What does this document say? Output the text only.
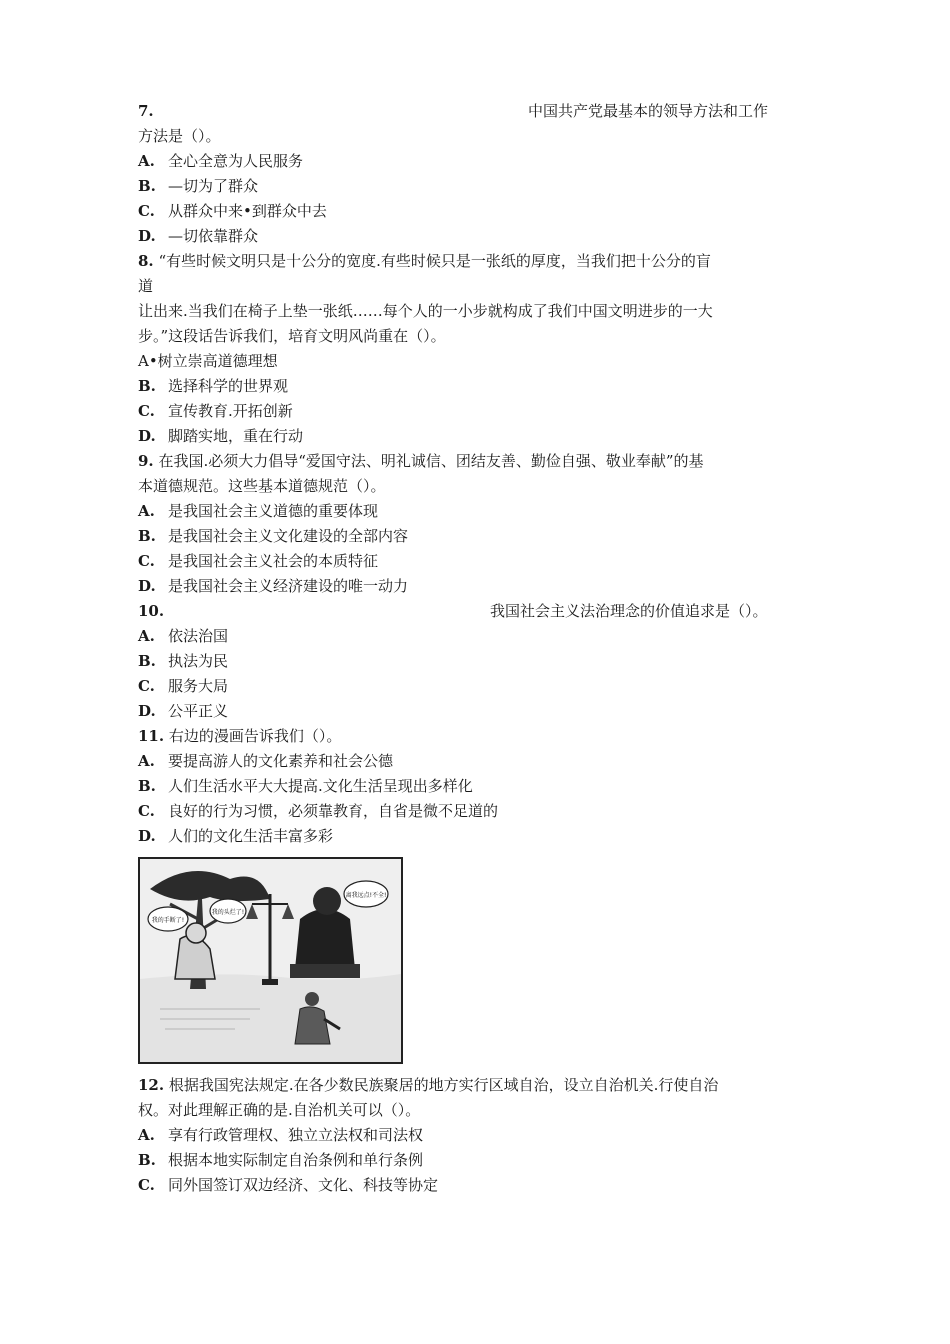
7.	中国共产党最基本的领导方法和工作
方法是（）。
A. 全心全意为人民服务
B. —切为了群众
C. 从群众中来•到群众中去
D. —切依靠群众
8. “有些时候文明只是十公分的宽度.有些时候只是一张纸的厚度，当我们把十公分的盲
道
让出来.当我们在椅子上垫一张纸……每个人的一小步就构成了我们中国文明进步的一大
步。”这段话告诉我们，培育文明风尚重在（）。
A•树立崇高道德理想
B. 选择科学的世界观
C. 宣传教育.开拓创新
D. 脚踏实地，重在行动
9. 在我国.必须大力倡导“爱国守法、明礼诚信、团结友善、勤俭自强、敬业奉献”的基
本道德规范。这些基本道德规范（）。
A. 是我国社会主义道德的重要体现
B. 是我国社会主义文化建设的全部内容
C. 是我国社会主义社会的本质特征
D. 是我国社会主义经济建设的唯一动力
10.	我国社会主义法治理念的价值追求是（）。
A. 依法治国
B. 执法为民
C. 服务大局
D. 公平正义
11. 右边的漫画告诉我们（）。
A. 要提高游人的文化素养和社会公德
B. 人们生活水平大大提高.文化生活呈现出多样化
C. 良好的行为习惯，必须靠教育，自省是微不足道的
D. 人们的文化生活丰富多彩
我的手断了!
我的头烂了!
离我远点!不全!
12. 根据我国宪法规定.在各少数民族聚居的地方实行区域自治，设立自治机关.行使自治
权。对此理解正确的是.自治机关可以（）。
A. 享有行政管理权、独立立法权和司法权
B. 根据本地实际制定自治条例和单行条例
C. 同外国签订双边经济、文化、科技等协定
